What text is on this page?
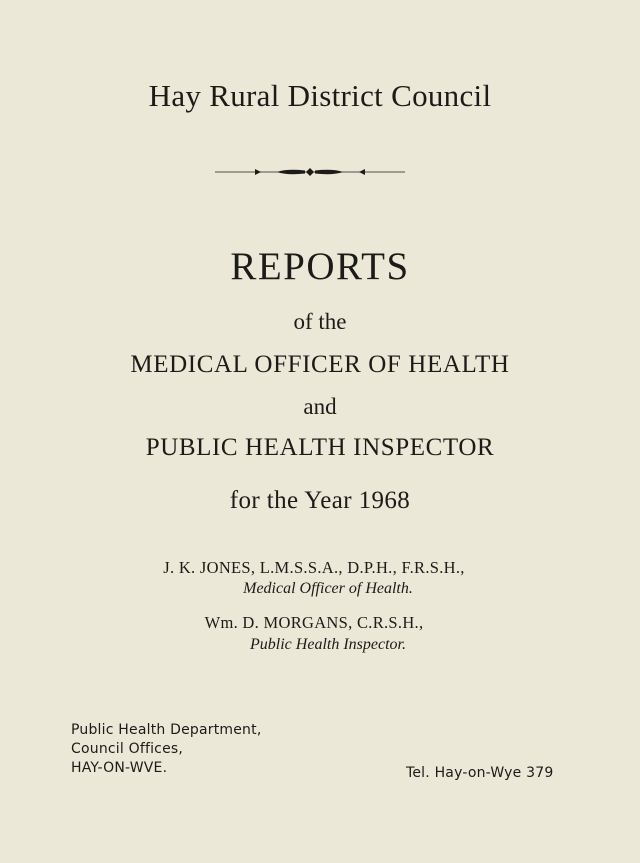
Hay Rural District Council
REPORTS
of the
MEDICAL OFFICER OF HEALTH
and
PUBLIC HEALTH INSPECTOR
for the Year 1968
J. K. JONES, L.M.S.S.A., D.P.H., F.R.S.H.,
Medical Officer of Health.
Wm. D. MORGANS, C.R.S.H.,
Public Health Inspector.
Public Health Department,
Council Offices,
HAY-ON-WVE.	Tel. Hay-on-Wye 379
